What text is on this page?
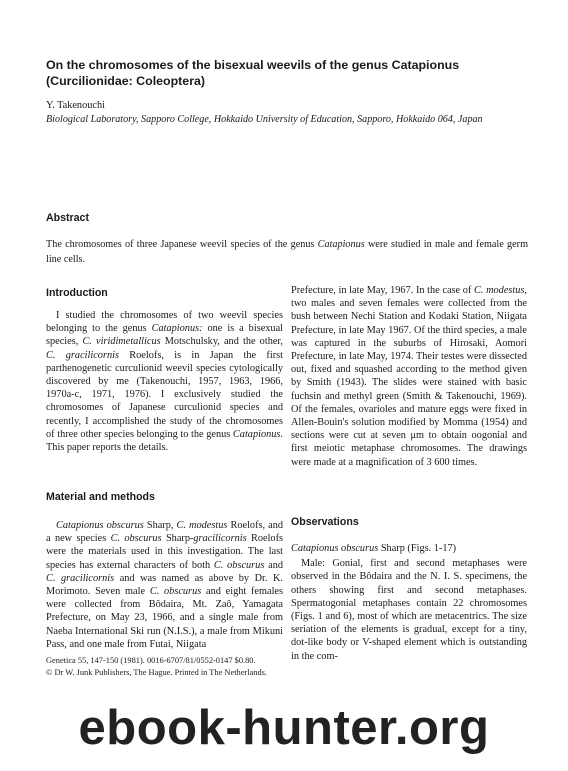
On the chromosomes of the bisexual weevils of the genus Catapionus (Curcilionidae: Coleoptera)
Y. Takenouchi
Biological Laboratory, Sapporo College, Hokkaido University of Education, Sapporo, Hokkaido 064, Japan
Abstract
The chromosomes of three Japanese weevil species of the genus Catapionus were studied in male and female germ line cells.
Introduction

I studied the chromosomes of two weevil species belonging to the genus Catapionus: one is a bisexual species, C. viridimetallicus Motschulsky, and the other, C. gracilicornis Roelofs, is in Japan the first parthenogenetic curculionid weevil species cytologically discovered by me (Takenouchi, 1957, 1963, 1966, 1970a-c, 1971, 1976). I exclusively studied the chromosomes of Japanese curculionid species and recently, I accomplished the study of the chromosomes of three other species belonging to the genus Catapionus. This paper reports the details.

Material and methods

Catapionus obscurus Sharp, C. modestus Roelofs, and a new species C. obscurus Sharp-gracilicornis Roelofs were the materials used in this investigation. The last species has external characters of both C. obscurus and C. gracilicornis and was named as above by Dr. K. Morimoto. Seven male C. obscurus and eight females were collected from Bôdaira, Mt. Zaô, Yamagata Prefecture, on May 23, 1966, and a single male from Naeba International Ski run (N.I.S.), a male from Mikuni Pass, and one male from Futai, Niigata

Prefecture, in late May, 1967. In the case of C. modestus, two males and seven females were collected from the bush between Nechi Station and Kodaki Station, Niigata Prefecture, in late May 1967. Of the third species, a male was captured in the suburbs of Hirosaki, Aomori Prefecture, in late May, 1974. Their testes were dissected out, fixed and squashed according to the method given by Smith (1943). The slides were stained with basic fuchsin and methyl green (Smith & Takenouchi, 1969). Of the females, ovarioles and mature eggs were fixed in Allen-Bouin's solution modified by Momma (1954) and sections were cut at seven μm to obtain oogonial and first meiotic metaphase chromosomes. The drawings were made at a magnification of 3 600 times.

Observations

Catapionus obscurus Sharp (Figs. 1-17)

Male: Gonial, first and second metaphases were observed in the Bôdaira and the N. I. S. specimens, the others showing first and second metaphases. Spermatogonial metaphases contain 22 chromosomes (Figs. 1 and 6), most of which are metacentrics. The size seriation of the elements is gradual, except for a tiny, dot-like body or V-shaped element which is outstanding in the com-

Genetica 55, 147-150 (1981). 0016-6707/81/0552-0147 $0.80.
© Dr W. Junk Publishers, The Hague. Printed in The Netherlands.
ebook-hunter.org
